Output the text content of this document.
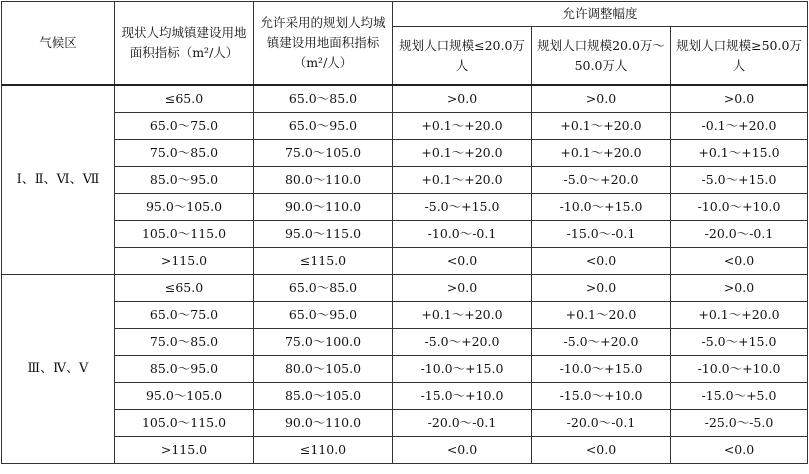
气候区	现状人均城镇建设用地面积指标（m²/人）	允许采用的规划人均城镇建设用地面积指标（m²/人）	允许调整幅度		
			规划人口规模≤20.0万人	规划人口规模20.0万～50.0万人	规划人口规模≥50.0万人
Ⅰ、Ⅱ、Ⅵ、Ⅶ	≤65.0	65.0～85.0	>0.0	>0.0	>0.0
	65.0～75.0	65.0～95.0	+0.1～+20.0	+0.1～+20.0	-0.1～+20.0
	75.0～85.0	75.0～105.0	+0.1～+20.0	+0.1～+20.0	+0.1～+15.0
	85.0～95.0	80.0～110.0	+0.1～+20.0	-5.0～+20.0	-5.0～+15.0
	95.0～105.0	90.0～110.0	-5.0～+15.0	-10.0～+15.0	-10.0～+10.0
	105.0～115.0	95.0～115.0	-10.0～-0.1	-15.0～-0.1	-20.0～-0.1
	>115.0	≤115.0	<0.0	<0.0	<0.0
Ⅲ、Ⅳ、Ⅴ	≤65.0	65.0～85.0	>0.0	>0.0	>0.0
	65.0～75.0	65.0～95.0	+0.1～+20.0	+0.1～20.0	+0.1～+20.0
	75.0～85.0	75.0～100.0	-5.0～+20.0	-5.0～+20.0	-5.0～+15.0
	85.0～95.0	80.0～105.0	-10.0～+15.0	-10.0～+15.0	-10.0～+10.0
	95.0～105.0	85.0～105.0	-15.0～+10.0	-15.0～+10.0	-15.0～+5.0
	105.0～115.0	90.0～110.0	-20.0～-0.1	-20.0～-0.1	-25.0～-5.0
	>115.0	≤110.0	<0.0	<0.0	<0.0
